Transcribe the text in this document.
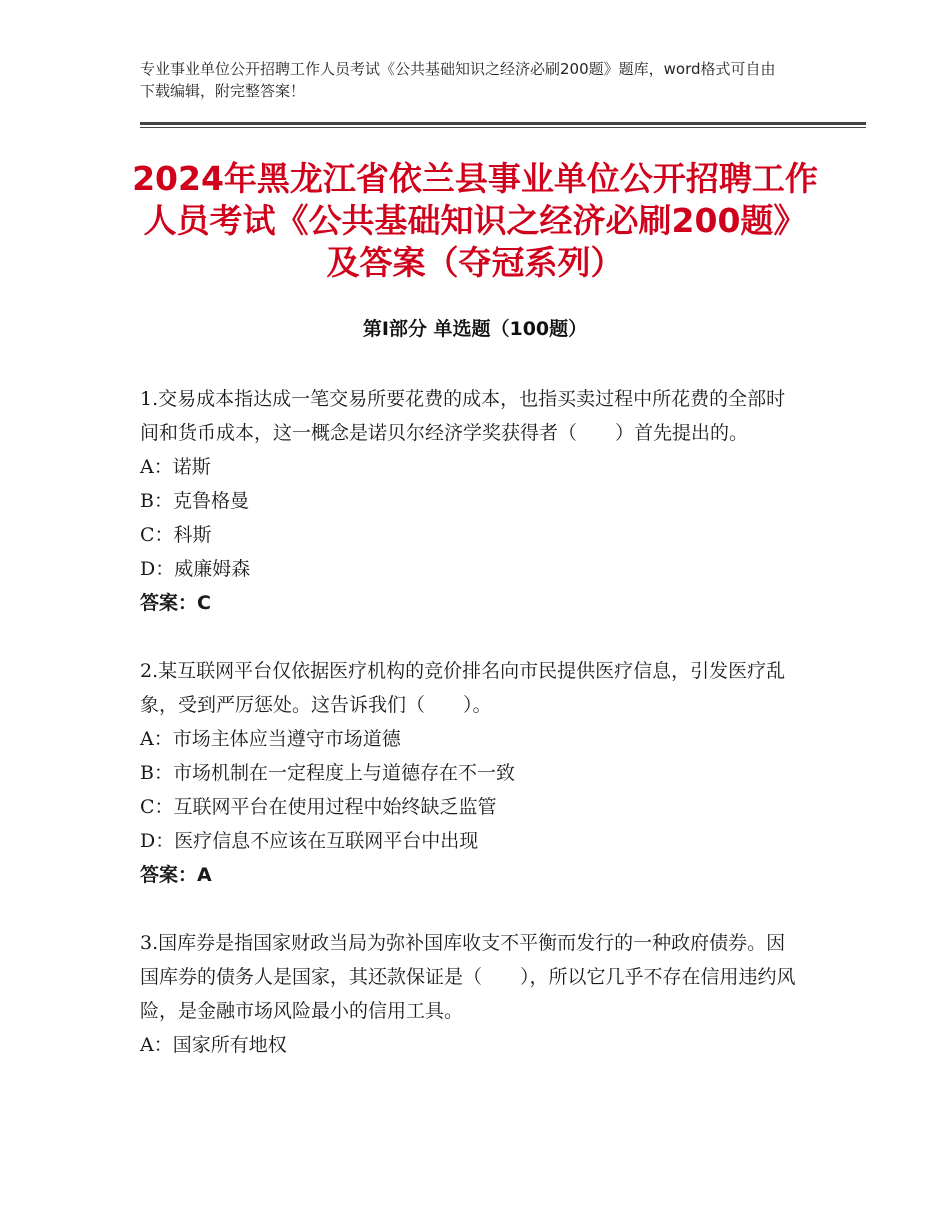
专业事业单位公开招聘工作人员考试《公共基础知识之经济必刷200题》题库，word格式可自由下载编辑，附完整答案！
2024年黑龙江省依兰县事业单位公开招聘工作人员考试《公共基础知识之经济必刷200题》及答案（夺冠系列）
第Ⅰ部分 单选题（100题）

1.交易成本指达成一笔交易所要花费的成本，也指买卖过程中所花费的全部时间和货币成本，这一概念是诺贝尔经济学奖获得者（　　）首先提出的。

A：诺斯

B：克鲁格曼

C：科斯

D：威廉姆森

答案：C

2.某互联网平台仅依据医疗机构的竞价排名向市民提供医疗信息，引发医疗乱象，受到严厉惩处。这告诉我们（　　）。

A：市场主体应当遵守市场道德

B：市场机制在一定程度上与道德存在不一致

C：互联网平台在使用过程中始终缺乏监管

D：医疗信息不应该在互联网平台中出现

答案：A

3.国库券是指国家财政当局为弥补国库收支不平衡而发行的一种政府债券。因国库券的债务人是国家，其还款保证是（　　），所以它几乎不存在信用违约风险，是金融市场风险最小的信用工具。

A：国家所有地权
